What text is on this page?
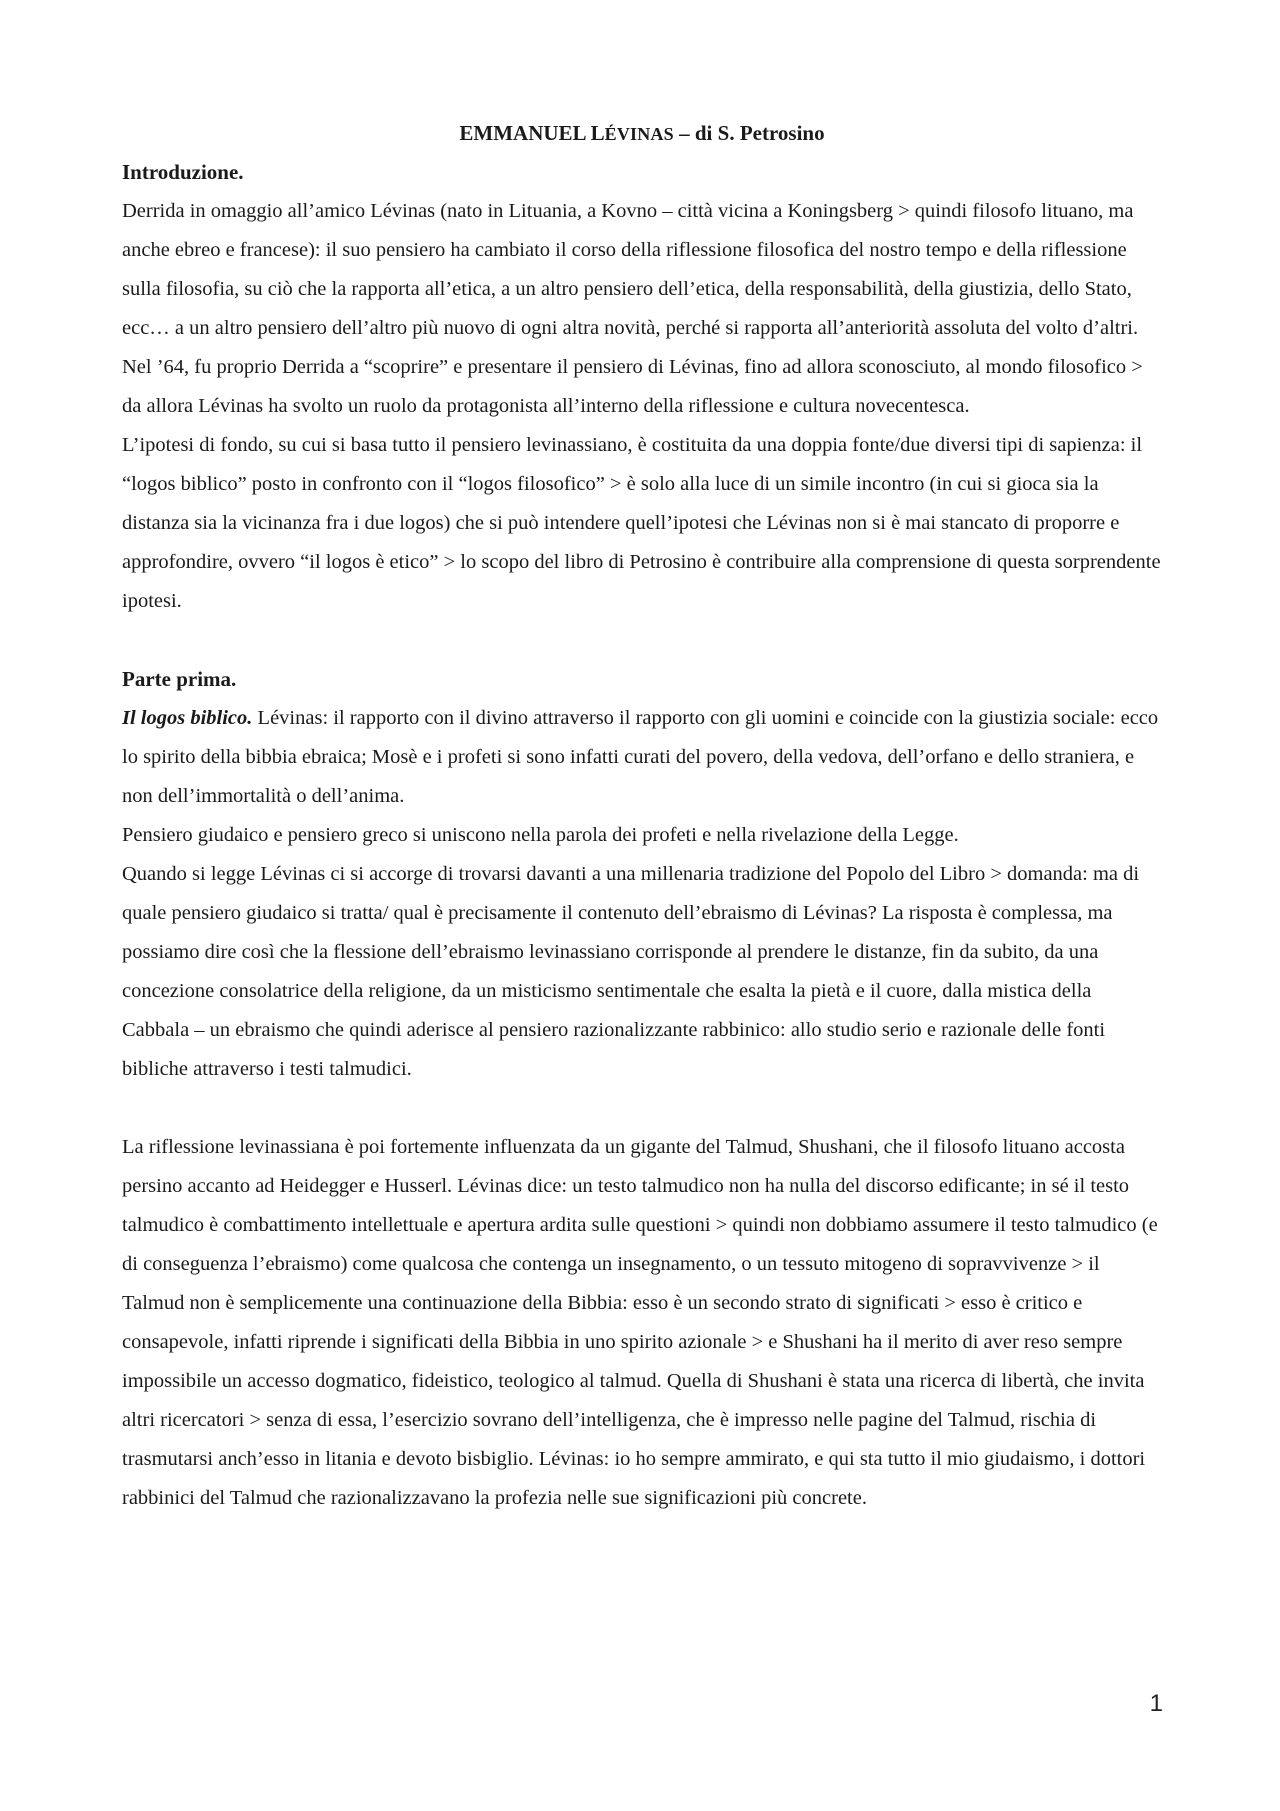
EMMANUEL LÉVINAS – di S. Petrosino
Introduzione.

Derrida in omaggio all’amico Lévinas (nato in Lituania, a Kovno – città vicina a Koningsberg > quindi filosofo lituano, ma anche ebreo e francese): il suo pensiero ha cambiato il corso della riflessione filosofica del nostro tempo e della riflessione sulla filosofia, su ciò che la rapporta all’etica, a un altro pensiero dell’etica, della responsabilità, della giustizia, dello Stato, ecc… a un altro pensiero dell’altro più nuovo di ogni altra novità, perché si rapporta all’anteriorità assoluta del volto d’altri. Nel ’64, fu proprio Derrida a “scoprire” e presentare il pensiero di Lévinas, fino ad allora sconosciuto, al mondo filosofico > da allora Lévinas ha svolto un ruolo da protagonista all’interno della riflessione e cultura novecentesca.

L’ipotesi di fondo, su cui si basa tutto il pensiero levinassiano, è costituita da una doppia fonte/due diversi tipi di sapienza: il “logos biblico” posto in confronto con il “logos filosofico” > è solo alla luce di un simile incontro (in cui si gioca sia la distanza sia la vicinanza fra i due logos) che si può intendere quell’ipotesi che Lévinas non si è mai stancato di proporre e approfondire, ovvero “il logos è etico” > lo scopo del libro di Petrosino è contribuire alla comprensione di questa sorprendente ipotesi.

Parte prima.

Il logos biblico. Lévinas: il rapporto con il divino attraverso il rapporto con gli uomini e coincide con la giustizia sociale: ecco lo spirito della bibbia ebraica; Mosè e i profeti si sono infatti curati del povero, della vedova, dell’orfano e dello straniera, e non dell’immortalità o dell’anima.

Pensiero giudaico e pensiero greco si uniscono nella parola dei profeti e nella rivelazione della Legge.

Quando si legge Lévinas ci si accorge di trovarsi davanti a una millenaria tradizione del Popolo del Libro > domanda: ma di quale pensiero giudaico si tratta/ qual è precisamente il contenuto dell’ebraismo di Lévinas? La risposta è complessa, ma possiamo dire così che la flessione dell’ebraismo levinassiano corrisponde al prendere le distanze, fin da subito, da una concezione consolatrice della religione, da un misticismo sentimentale che esalta la pietà e il cuore, dalla mistica della Cabbala – un ebraismo che quindi aderisce al pensiero razionalizzante rabbinico: allo studio serio e razionale delle fonti bibliche attraverso i testi talmudici.

La riflessione levinassiana è poi fortemente influenzata da un gigante del Talmud, Shushani, che il filosofo lituano accosta persino accanto ad Heidegger e Husserl. Lévinas dice: un testo talmudico non ha nulla del discorso edificante; in sé il testo talmudico è combattimento intellettuale e apertura ardita sulle questioni > quindi non dobbiamo assumere il testo talmudico (e di conseguenza l’ebraismo) come qualcosa che contenga un insegnamento, o un tessuto mitogeno di sopravvivenze > il Talmud non è semplicemente una continuazione della Bibbia: esso è un secondo strato di significati > esso è critico e consapevole, infatti riprende i significati della Bibbia in uno spirito azionale > e Shushani ha il merito di aver reso sempre impossibile un accesso dogmatico, fideistico, teologico al talmud. Quella di Shushani è stata una ricerca di libertà, che invita altri ricercatori > senza di essa, l’esercizio sovrano dell’intelligenza, che è impresso nelle pagine del Talmud, rischia di trasmutarsi anch’esso in litania e devoto bisbiglio. Lévinas: io ho sempre ammirato, e qui sta tutto il mio giudaismo, i dottori rabbinici del Talmud che razionalizzavano la profezia nelle sue significazioni più concrete.

1
